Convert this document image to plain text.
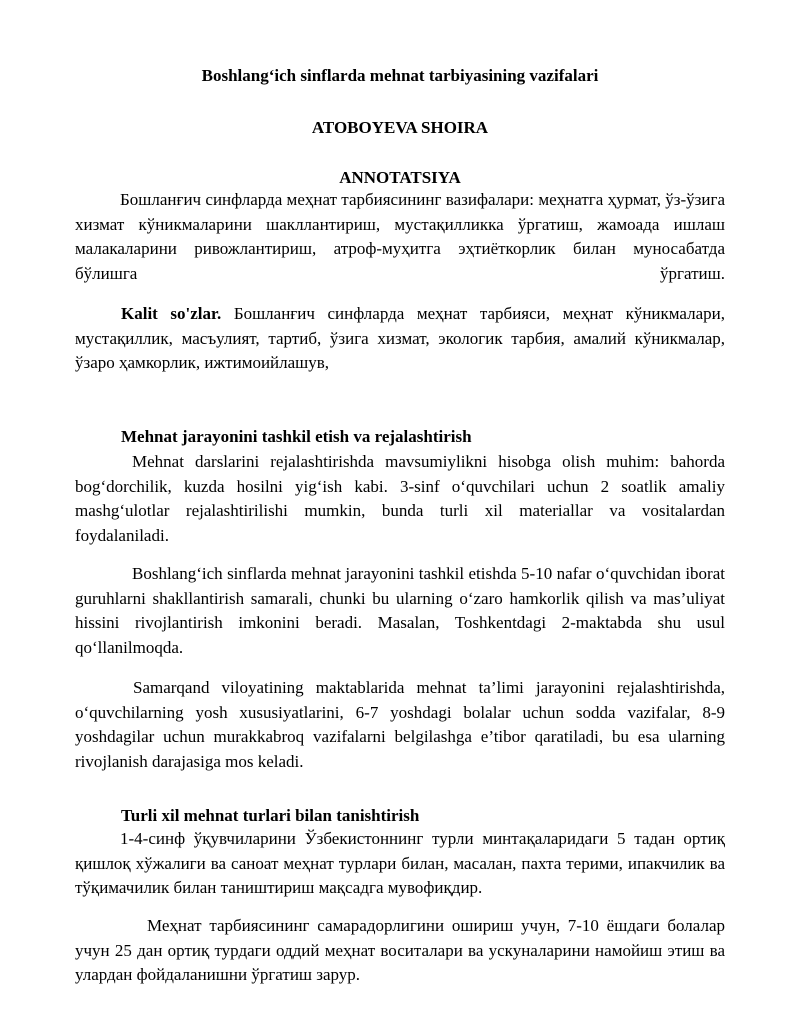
Boshlang‘ich sinflarda mehnat tarbiyasining vazifalari

ATOBOYEVA SHOIRA

ANNOTATSIYA

Бошланғич синфларда меҳнат тарбиясининг вазифалари: меҳнатга ҳурмат, ўз-ўзига хизмат кўникмаларини шакллантириш, мустақилликка ўргатиш, жамоада ишлаш малакаларини ривожлантириш, атроф-муҳитга эҳтиёткорлик билан муносабатда бўлишга ўргатиш.

Kalit so'zlar. Бошланғич синфларда меҳнат тарбияси, меҳнат кўникмалари, мустақиллик, масъулият, тартиб, ўзига хизмат, экологик тарбия, амалий кўникмалар, ўзаро ҳамкорлик, ижтимоийлашув,

Mehnat jarayonini tashkil etish va rejalashtirish

Mehnat darslarini rejalashtirishda mavsumiylikni hisobga olish muhim: bahorda bog‘dorchilik, kuzda hosilni yig‘ish kabi. 3-sinf o‘quvchilari uchun 2 soatlik amaliy mashg‘ulotlar rejalashtirilishi mumkin, bunda turli xil materiallar va vositalardan foydalaniladi.

Boshlang‘ich sinflarda mehnat jarayonini tashkil etishda 5-10 nafar o‘quvchidan iborat guruhlarni shakllantirish samarali, chunki bu ularning o‘zaro hamkorlik qilish va mas’uliyat hissini rivojlantirish imkonini beradi. Masalan, Toshkentdagi 2-maktabda shu usul qo‘llanilmoqda.

Samarqand viloyatining maktablarida mehnat ta’limi jarayonini rejalashtirishda, o‘quvchilarning yosh xususiyatlarini, 6-7 yoshdagi bolalar uchun sodda vazifalar, 8-9 yoshdagilar uchun murakkabroq vazifalarni belgilashga e’tibor qaratiladi, bu esa ularning rivojlanish darajasiga mos keladi.

Turli xil mehnat turlari bilan tanishtirish

1-4-синф ўқувчиларини Ўзбекистоннинг турли минтақаларидаги 5 тадан ортиқ қишлоқ хўжалиги ва саноат меҳнат турлари билан, масалан, пахта терими, ипакчилик ва тўқимачилик билан таништириш мақсадга мувофиқдир.

Меҳнат тарбиясининг самарадорлигини ошириш учун, 7-10 ёшдаги болалар учун 25 дан ортиқ турдаги оддий меҳнат воситалари ва ускуналарини намойиш этиш ва улардан фойдаланишни ўргатиш зарур.
